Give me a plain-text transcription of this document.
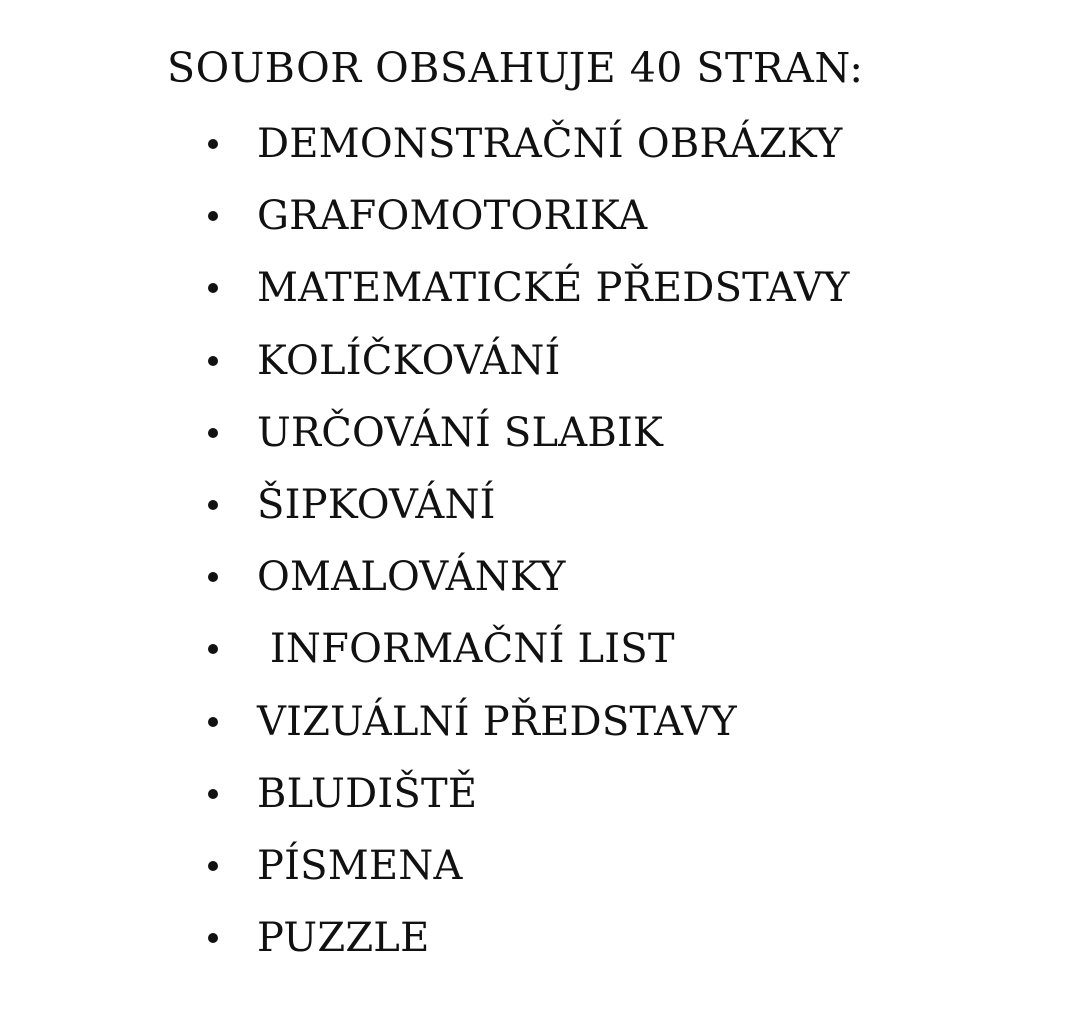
SOUBOR OBSAHUJE 40 STRAN:
DEMONSTRAČNÍ OBRÁZKY
GRAFOMOTORIKA
MATEMATICKÉ PŘEDSTAVY
KOLÍČKOVÁNÍ
URČOVÁNÍ SLABIK
ŠIPKOVÁNÍ
OMALOVÁNKY
INFORMAČNÍ LIST
VIZUÁLNÍ PŘEDSTAVY
BLUDIŠTĚ
PÍSMENA
PUZZLE
